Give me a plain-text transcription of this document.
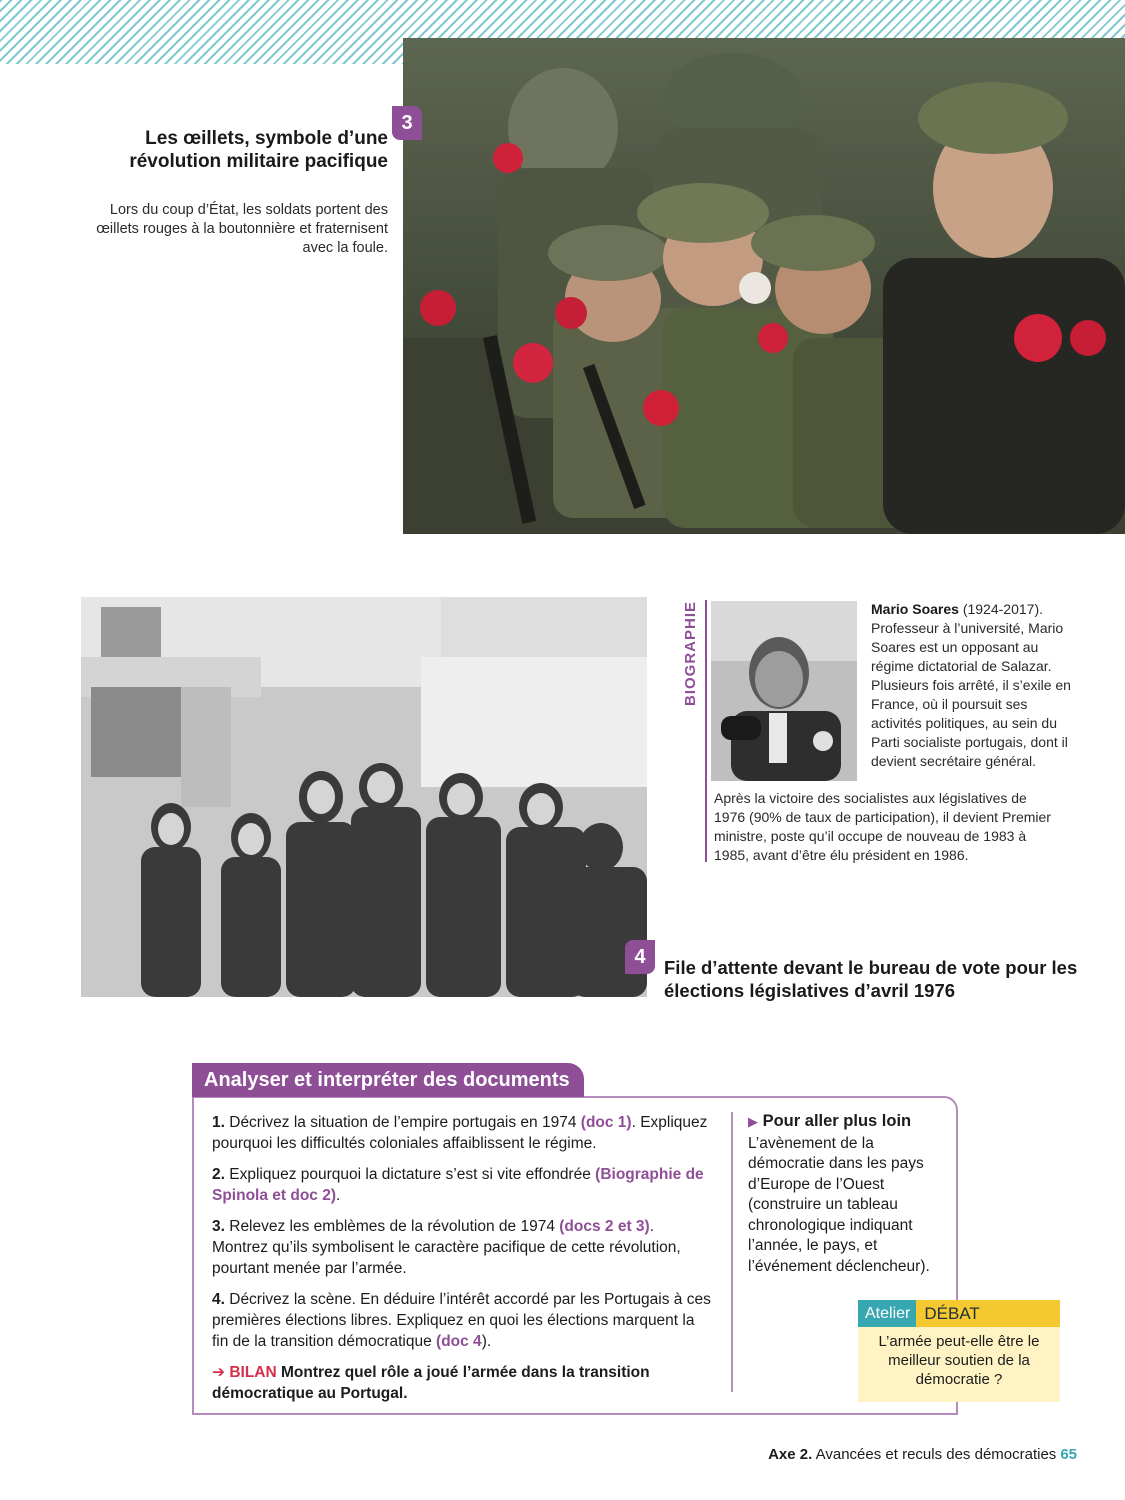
3
Les œillets, symbole d’une révolution militaire pacifique
Lors du coup d’État, les soldats portent des œillets rouges à la boutonnière et fraternisent avec la foule.
4 File d’attente devant le bureau de vote pour les élections législatives d’avril 1976
BIOGRAPHIE	Mario Soares (1924-2017). Professeur à l’université, Mario Soares est un opposant au régime dictatorial de Salazar. Plusieurs fois arrêté, il s’exile en France, où il poursuit ses activités politiques, au sein du Parti socialiste portugais, dont il devient secrétaire général.
Après la victoire des socialistes aux législatives de 1976 (90% de taux de participation), il devient Premier ministre, poste qu’il occupe de nouveau de 1983 à 1985, avant d’être élu président en 1986.
Analyser et interpréter des documents

1. Décrivez la situation de l’empire portugais en 1974 (doc 1). Expliquez pourquoi les difficultés coloniales affaiblissent le régime.

2. Expliquez pourquoi la dictature s’est si vite effondrée (Biographie de Spinola et doc 2).

3. Relevez les emblèmes de la révolution de 1974 (docs 2 et 3). Montrez qu’ils symbolisent le caractère pacifique de cette révolution, pourtant menée par l’armée.

4. Décrivez la scène. En déduire l’intérêt accordé par les Portugais à ces premières élections libres. Expliquez en quoi les élections marquent la fin de la transition démocratique (doc 4).

➔ BILAN Montrez quel rôle a joué l’armée dans la transition démocratique au Portugal.

▶ Pour aller plus loin
L’avènement de la démocratie dans les pays d’Europe de l’Ouest (construire un tableau chronologique indiquant l’année, le pays, et l’événement déclencheur).
Atelier DÉBAT
L’armée peut-elle être le meilleur soutien de la démocratie ?
Axe 2. Avancées et reculs des démocraties 65
